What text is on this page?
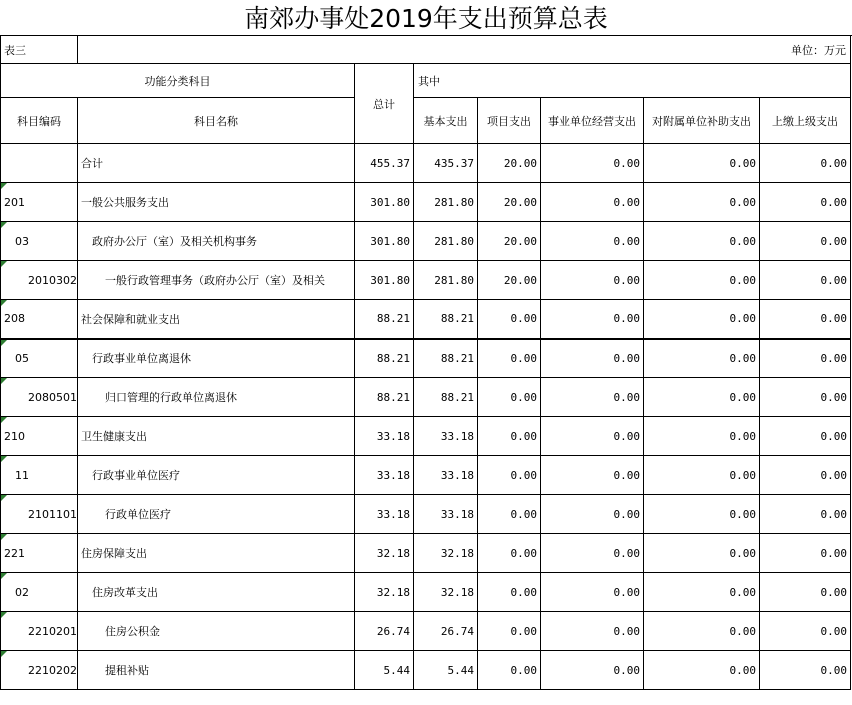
南郊办事处2019年支出预算总表
表三	单位：万元						
功能分类科目		总计	其中				
科目编码	科目名称		基本支出	项目支出	事业单位经营支出	对附属单位补助支出	上缴上级支出
	合计	455.37	435.37	20.00	0.00	0.00	0.00
201	一般公共服务支出	301.80	281.80	20.00	0.00	0.00	0.00
03	政府办公厅（室）及相关机构事务	301.80	281.80	20.00	0.00	0.00	0.00
2010302	一般行政管理事务（政府办公厅（室）及相关	301.80	281.80	20.00	0.00	0.00	0.00
208	社会保障和就业支出	88.21	88.21	0.00	0.00	0.00	0.00
05	行政事业单位离退休	88.21	88.21	0.00	0.00	0.00	0.00
2080501	归口管理的行政单位离退休	88.21	88.21	0.00	0.00	0.00	0.00
210	卫生健康支出	33.18	33.18	0.00	0.00	0.00	0.00
11	行政事业单位医疗	33.18	33.18	0.00	0.00	0.00	0.00
2101101	行政单位医疗	33.18	33.18	0.00	0.00	0.00	0.00
221	住房保障支出	32.18	32.18	0.00	0.00	0.00	0.00
02	住房改革支出	32.18	32.18	0.00	0.00	0.00	0.00
2210201	住房公积金	26.74	26.74	0.00	0.00	0.00	0.00
2210202	提租补贴	5.44	5.44	0.00	0.00	0.00	0.00
